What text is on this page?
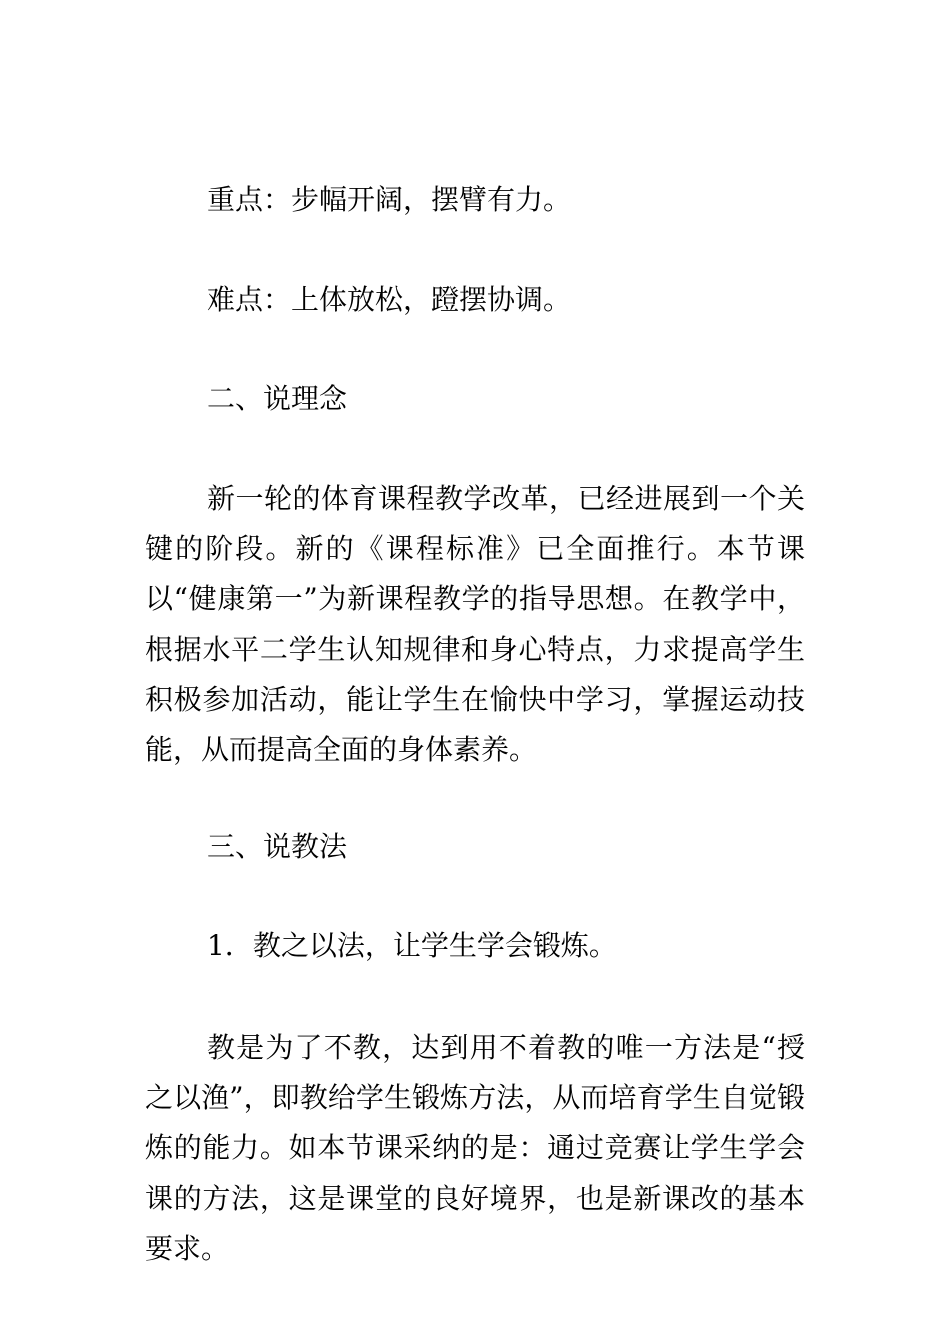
重点：步幅开阔，摆臂有力。
难点：上体放松，蹬摆协调。
二、说理念
新一轮的体育课程教学改革，已经进展到一个关键的阶段。新的《课程标准》已全面推行。本节课以“健康第一”为新课程教学的指导思想。在教学中，根据水平二学生认知规律和身心特点，力求提高学生积极参加活动，能让学生在愉快中学习，掌握运动技能，从而提高全面的身体素养。
三、说教法
1．教之以法，让学生学会锻炼。
教是为了不教，达到用不着教的唯一方法是“授之以渔”，即教给学生锻炼方法，从而培育学生自觉锻炼的能力。如本节课采纳的是：通过竞赛让学生学会课的方法，这是课堂的良好境界，也是新课改的基本要求。
